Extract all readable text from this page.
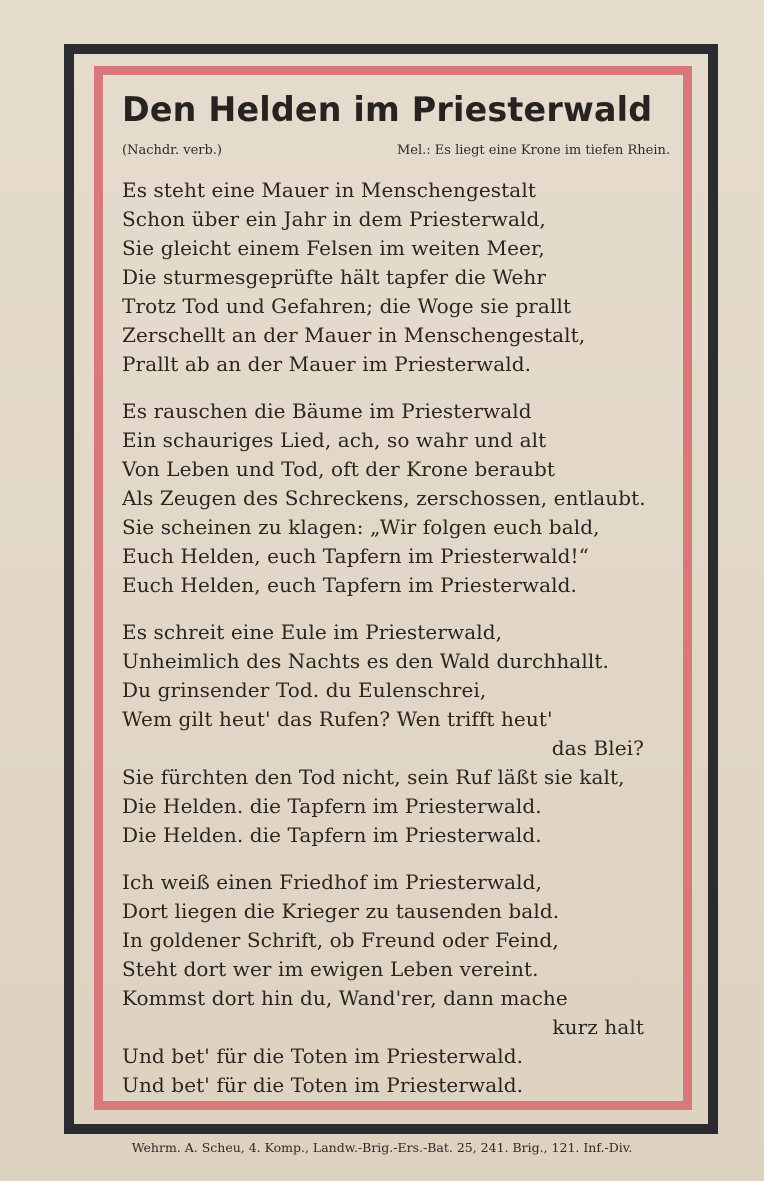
Den Helden im Priesterwald
(Nachdr. verb.)	Mel.: Es liegt eine Krone im tiefen Rhein.
Es steht eine Mauer in Menschengestalt
Schon über ein Jahr in dem Priesterwald,
Sie gleicht einem Felsen im weiten Meer,
Die sturmesgeprüfte hält tapfer die Wehr
Trotz Tod und Gefahren; die Woge sie prallt
Zerschellt an der Mauer in Menschengestalt,
Prallt ab an der Mauer im Priesterwald.
Es rauschen die Bäume im Priesterwald
Ein schauriges Lied, ach, so wahr und alt
Von Leben und Tod, oft der Krone beraubt
Als Zeugen des Schreckens, zerschossen, entlaubt.
Sie scheinen zu klagen: „Wir folgen euch bald,
Euch Helden, euch Tapfern im Priesterwald!“
Euch Helden, euch Tapfern im Priesterwald.
Es schreit eine Eule im Priesterwald,
Unheimlich des Nachts es den Wald durchhallt.
Du grinsender Tod. du Eulenschrei,
Wem gilt heut' das Rufen? Wen trifft heut'
das Blei?
Sie fürchten den Tod nicht, sein Ruf läßt sie kalt,
Die Helden. die Tapfern im Priesterwald.
Die Helden. die Tapfern im Priesterwald.
Ich weiß einen Friedhof im Priesterwald,
Dort liegen die Krieger zu tausenden bald.
In goldener Schrift, ob Freund oder Feind,
Steht dort wer im ewigen Leben vereint.
Kommst dort hin du, Wand'rer, dann mache
kurz halt
Und bet' für die Toten im Priesterwald.
Und bet' für die Toten im Priesterwald.
Wehrm. A. Scheu, 4. Komp., Landw.-Brig.-Ers.-Bat. 25, 241. Brig., 121. Inf.-Div.
